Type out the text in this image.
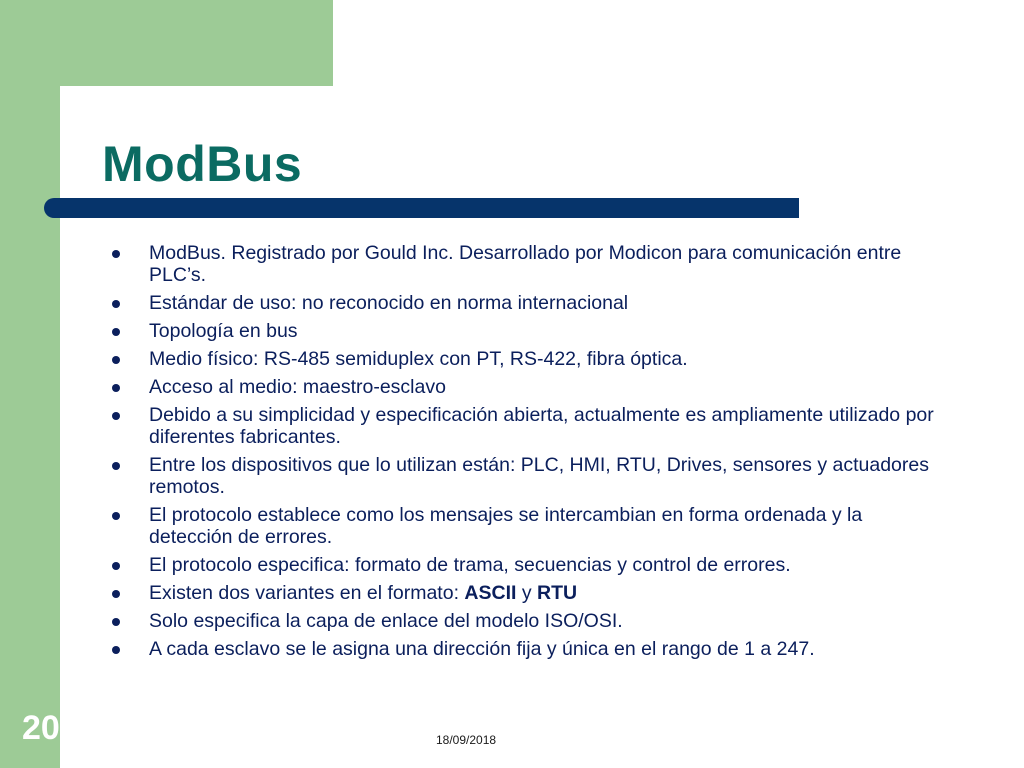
ModBus
ModBus. Registrado por Gould Inc. Desarrollado por Modicon para comunicación entre PLC’s.
Estándar de uso: no reconocido en norma internacional
Topología en bus
Medio físico: RS-485 semiduplex con PT, RS-422, fibra óptica.
Acceso al medio: maestro-esclavo
Debido a su simplicidad y especificación abierta, actualmente es ampliamente utilizado por diferentes fabricantes.
Entre los dispositivos que lo utilizan están: PLC, HMI, RTU, Drives, sensores y actuadores remotos.
El protocolo establece como los mensajes se intercambian en forma ordenada y la detección de errores.
El protocolo especifica: formato de trama, secuencias y control de errores.
Existen dos variantes en el formato: ASCII y RTU
Solo especifica la capa de enlace del modelo ISO/OSI.
A cada esclavo se le asigna una dirección fija y única en el rango de 1 a 247.
20	18/09/2018
